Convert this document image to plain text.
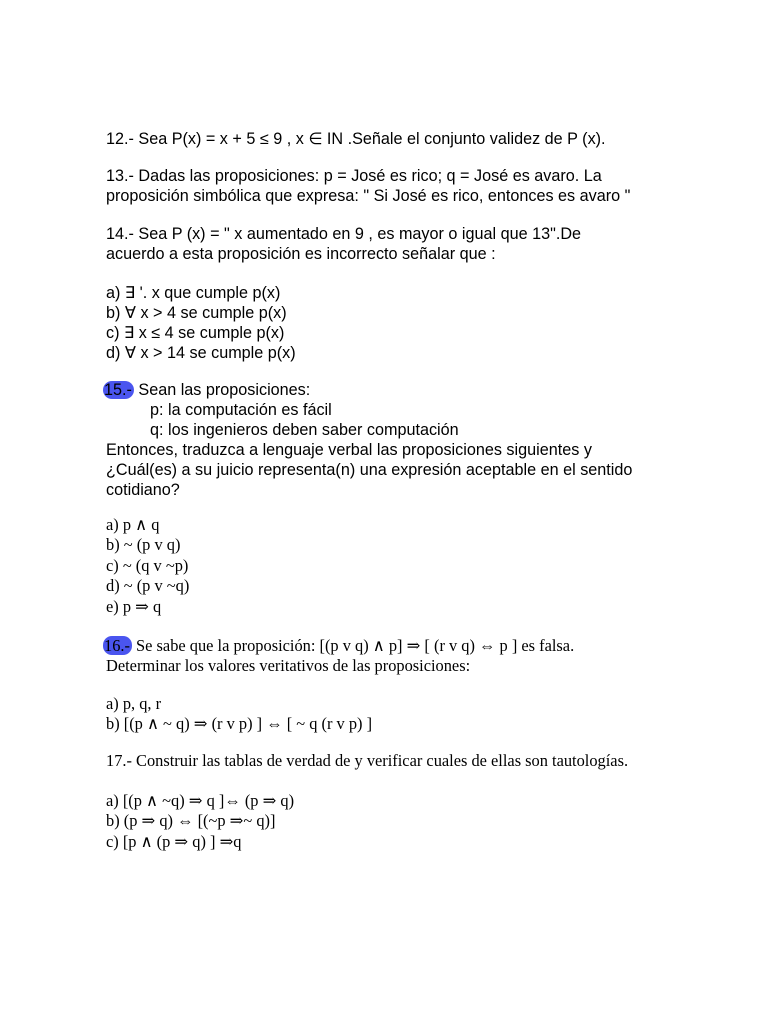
12.- Sea P(x) = x + 5 ≤ 9 , x ∈ IN .Señale el conjunto validez de P (x).

13.- Dadas las proposiciones: p = José es rico; q = José es avaro. La

proposición simbólica que expresa: " Si José es rico, entonces es avaro "

14.- Sea P (x) = " x aumentado en 9 , es mayor o igual que 13".De

acuerdo a esta proposición es incorrecto señalar que :

a) ∃ '. x que cumple p(x)

b) ∀ x > 4 se cumple p(x)

c) ∃ x ≤ 4 se cumple p(x)

d) ∀ x > 14 se cumple p(x)

15.- Sean las proposiciones:

p: la computación es fácil

q: los ingenieros deben saber computación

Entonces, traduzca a lenguaje verbal las proposiciones siguientes y

¿Cuál(es) a su juicio representa(n) una expresión aceptable en el sentido

cotidiano?

a) p ∧ q

b) ~ (p v q)

c) ~ (q v ~p)

d) ~ (p v ~q)

e) p ⇒ q

16.- Se sabe que la proposición: [(p v q) ∧ p] ⇒ [ (r v q) ⇔ p ] es falsa.

Determinar los valores veritativos de las proposiciones:

a) p, q, r

b) [(p ∧ ~ q) ⇒ (r v p) ] ⇔ [ ~ q (r v p) ]

17.- Construir las tablas de verdad de y verificar cuales de ellas son tautologías.

a) [(p ∧ ~q) ⇒ q ]⇔ (p ⇒ q)

b) (p ⇒ q) ⇔ [(~p ⇒~ q)]

c) [p ∧ (p ⇒ q) ] ⇒q
